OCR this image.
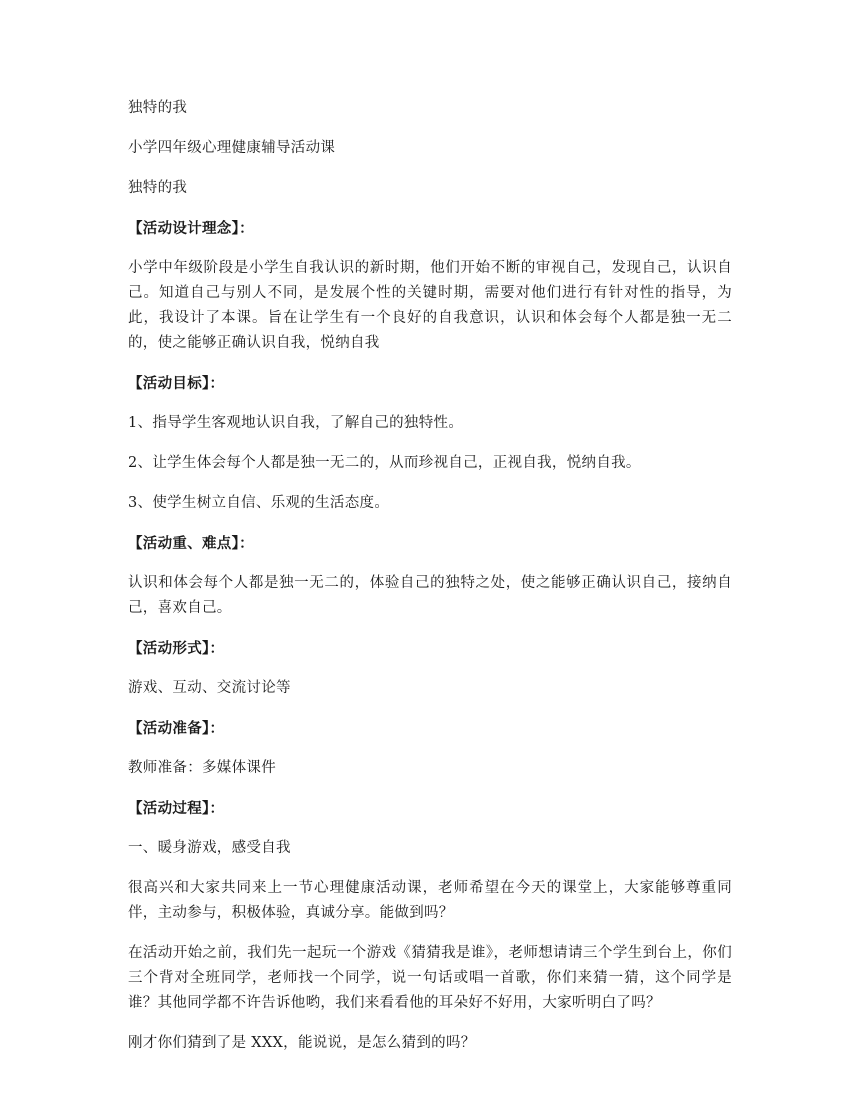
独特的我

小学四年级心理健康辅导活动课

独特的我

【活动设计理念】：

小学中年级阶段是小学生自我认识的新时期，他们开始不断的审视自己，发现自己，认识自己。知道自己与别人不同，是发展个性的关键时期，需要对他们进行有针对性的指导，为此，我设计了本课。旨在让学生有一个良好的自我意识，认识和体会每个人都是独一无二的，使之能够正确认识自我，悦纳自我

【活动目标】：

1、指导学生客观地认识自我，了解自己的独特性。

2、让学生体会每个人都是独一无二的，从而珍视自己，正视自我，悦纳自我。

3、使学生树立自信、乐观的生活态度。

【活动重、难点】：

认识和体会每个人都是独一无二的，体验自己的独特之处，使之能够正确认识自己，接纳自己，喜欢自己。

【活动形式】：

游戏、互动、交流讨论等

【活动准备】：

教师准备：多媒体课件

【活动过程】：

一、暖身游戏，感受自我

很高兴和大家共同来上一节心理健康活动课，老师希望在今天的课堂上，大家能够尊重同伴，主动参与，积极体验，真诚分享。能做到吗？

在活动开始之前，我们先一起玩一个游戏《猜猜我是谁》，老师想请请三个学生到台上，你们三个背对全班同学，老师找一个同学，说一句话或唱一首歌，你们来猜一猜，这个同学是谁？其他同学都不许告诉他哟，我们来看看他的耳朵好不好用，大家听明白了吗？

刚才你们猜到了是 XXX，能说说，是怎么猜到的吗？
